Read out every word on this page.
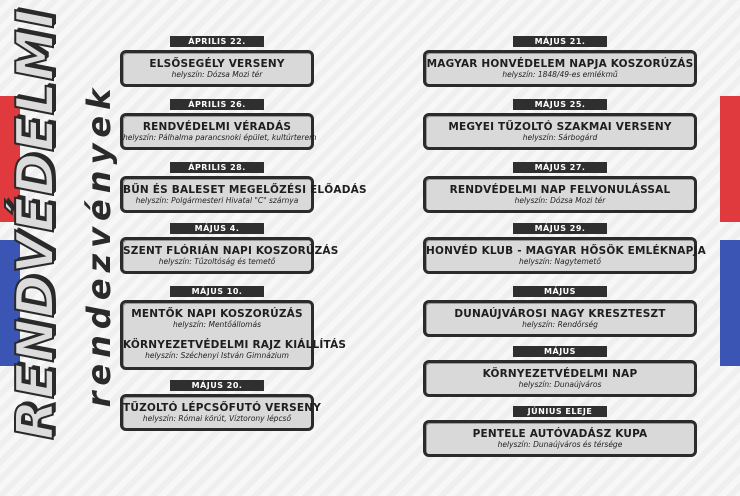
RENDVÉDELMI rendezvények
ÁPRILIS 22.
ELSŐSEGÉLY VERSENY
helyszín: Dózsa Mozi tér
ÁPRILIS 26.
RENDVÉDELMI VÉRADÁS
helyszín: Pálhalma parancsnoki épület, kultúrterem
ÁPRILIS 28.
BŰN ÉS BALESET MEGELŐZÉSI ELŐADÁS
helyszín: Polgármesteri Hivatal "C" szárnya
MÁJUS 4.
SZENT FLÓRIÁN NAPI KOSZORÚZÁS
helyszín: Tűzoltóság és temető
MÁJUS 10.
MENTŐK NAPI KOSZORÚZÁS
helyszín: Mentőállomás
KÖRNYEZETVÉDELMI RAJZ KIÁLLÍTÁS
helyszín: Széchenyi István Gimnázium
MÁJUS 20.
TŰZOLTÓ LÉPCSŐFUTÓ VERSENY
helyszín: Római körút, Víztorony lépcső
MÁJUS 21.
MAGYAR HONVÉDELEM NAPJA KOSZORÚZÁS
helyszín: 1848/49-es emlékmű
MÁJUS 25.
MEGYEI TŰZOLTÓ SZAKMAI VERSENY
helyszín: Sárbogárd
MÁJUS 27.
RENDVÉDELMI NAP FELVONULÁSSAL
helyszín: Dózsa Mozi tér
MÁJUS 29.
HONVÉD KLUB - MAGYAR HŐSÖK EMLÉKNAPJA
helyszín: Nagytemető
MÁJUS
DUNAÚJVÁROSI NAGY KRESZTESZT
helyszín: Rendőrség
MÁJUS
KÖRNYEZETVÉDELMI NAP
helyszín: Dunaújváros
JÚNIUS ELEJE
PENTELE AUTÓVADÁSZ KUPA
helyszín: Dunaújváros és térsége
